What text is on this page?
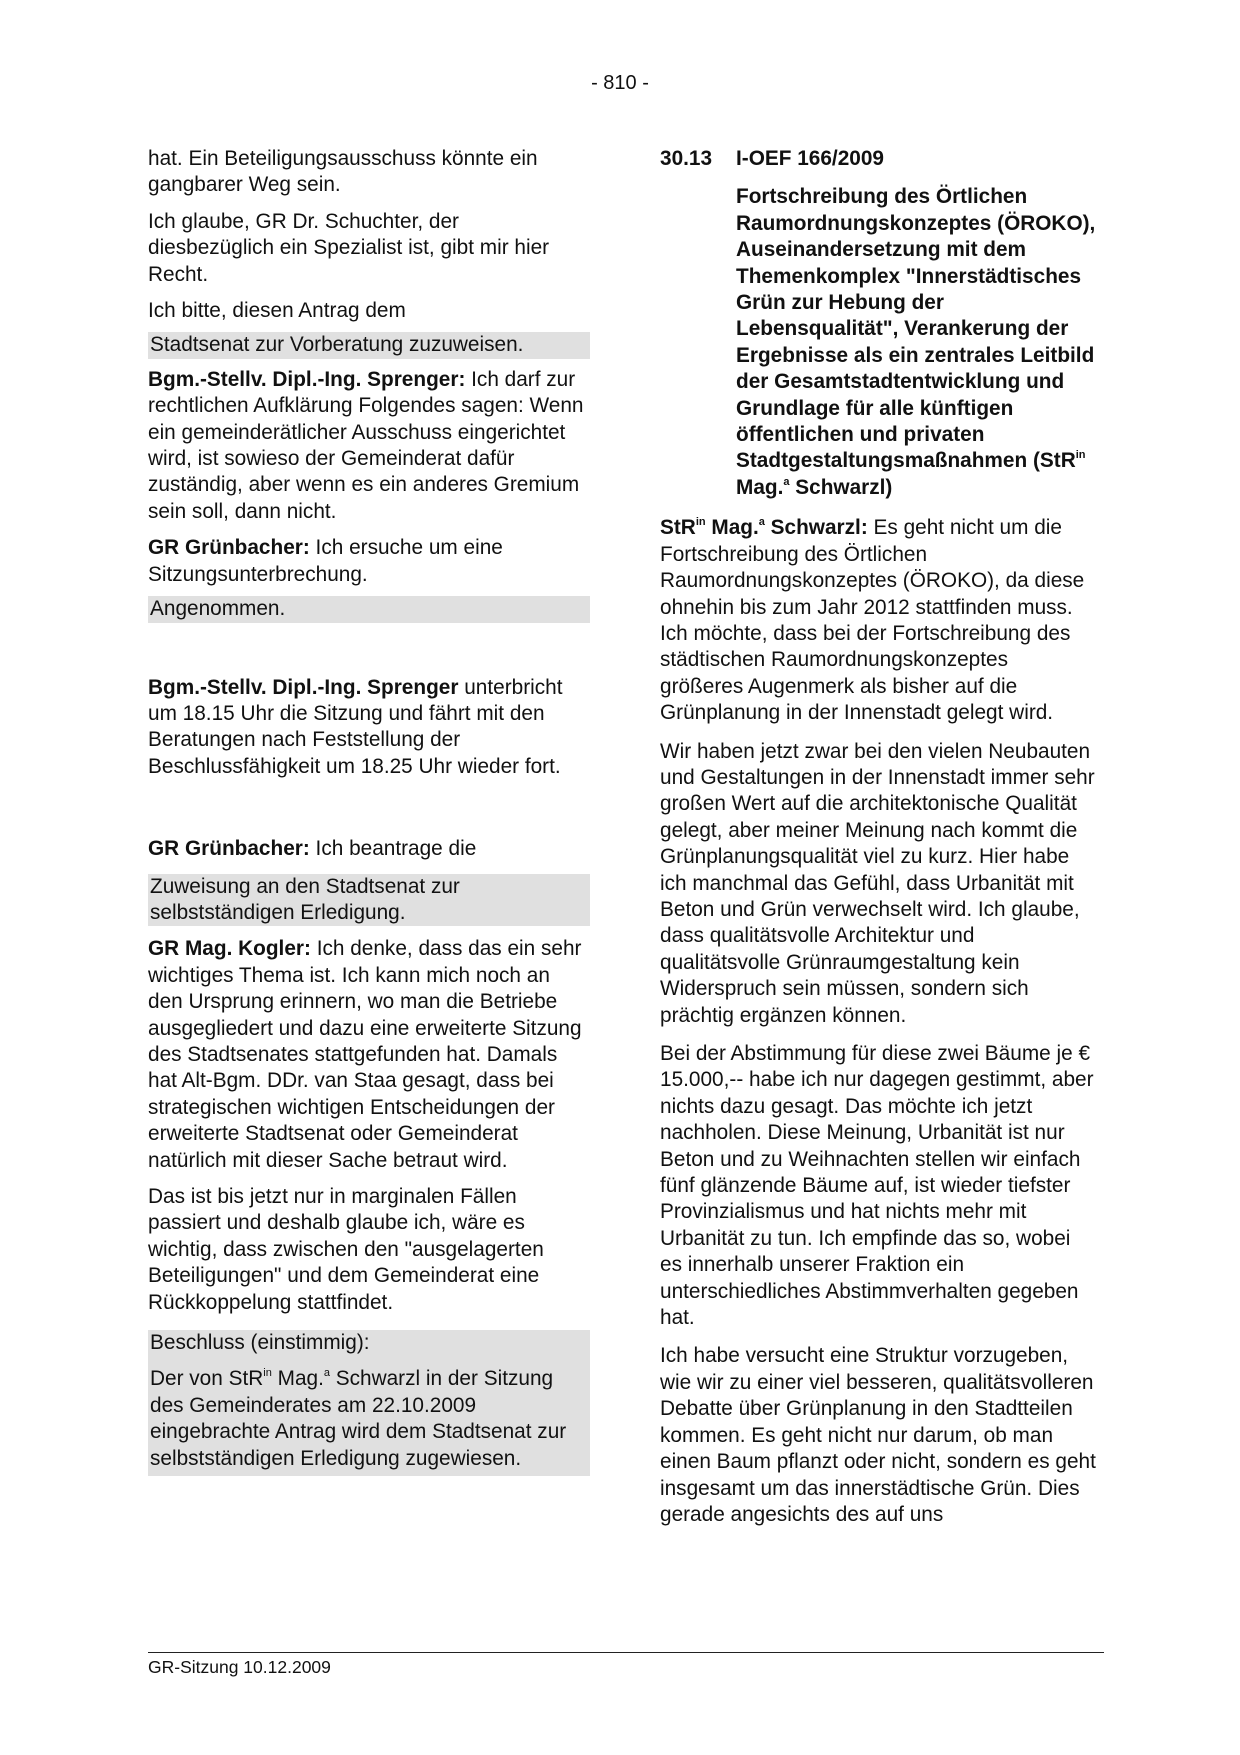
- 810 -

hat. Ein Beteiligungsausschuss könnte ein gangbarer Weg sein.

Ich glaube, GR Dr. Schuchter, der diesbezüglich ein Spezialist ist, gibt mir hier Recht.

Ich bitte, diesen Antrag dem

Stadtsenat zur Vorberatung zuzuweisen.

Bgm.-Stellv. Dipl.-Ing. Sprenger: Ich darf zur rechtlichen Aufklärung Folgendes sagen: Wenn ein gemeinderätlicher Ausschuss eingerichtet wird, ist sowieso der Gemeinderat dafür zuständig, aber wenn es ein anderes Gremium sein soll, dann nicht.

GR Grünbacher: Ich ersuche um eine Sitzungsunterbrechung.

Angenommen.

Bgm.-Stellv. Dipl.-Ing. Sprenger unterbricht um 18.15 Uhr die Sitzung und fährt mit den Beratungen nach Feststellung der Beschlussfähigkeit um 18.25 Uhr wieder fort.

GR Grünbacher: Ich beantrage die

Zuweisung an den Stadtsenat zur selbstständigen Erledigung.

GR Mag. Kogler: Ich denke, dass das ein sehr wichtiges Thema ist. Ich kann mich noch an den Ursprung erinnern, wo man die Betriebe ausgegliedert und dazu eine erweiterte Sitzung des Stadtsenates stattgefunden hat. Damals hat Alt-Bgm. DDr. van Staa gesagt, dass bei strategischen wichtigen Entscheidungen der erweiterte Stadtsenat oder Gemeinderat natürlich mit dieser Sache betraut wird.

Das ist bis jetzt nur in marginalen Fällen passiert und deshalb glaube ich, wäre es wichtig, dass zwischen den "ausgelagerten Beteiligungen" und dem Gemeinderat eine Rückkoppelung stattfindet.

Beschluss (einstimmig):
Der von StR$^{in}$ Mag.$^a$ Schwarzl in der Sitzung des Gemeinderates am 22.10.2009 eingebrachte Antrag wird dem Stadtsenat zur selbstständigen Erledigung zugewiesen.
30.13	I-OEF 166/2009
Fortschreibung des Örtlichen Raumordnungskonzeptes (ÖROKO), Auseinandersetzung mit dem Themenkomplex "Innerstädtisches Grün zur Hebung der Lebensqualität", Verankerung der Ergebnisse als ein zentrales Leitbild der Gesamtstadtentwicklung und Grundlage für alle künftigen öffentlichen und privaten Stadtgestaltungsmaßnahmen (StR$^{in}$ Mag.$^a$ Schwarzl)

StR$^{in}$ Mag.$^a$ Schwarzl: Es geht nicht um die Fortschreibung des Örtlichen Raumordnungskonzeptes (ÖROKO), da diese ohnehin bis zum Jahr 2012 stattfinden muss. Ich möchte, dass bei der Fortschreibung des städtischen Raumordnungskonzeptes größeres Augenmerk als bisher auf die Grünplanung in der Innenstadt gelegt wird.

Wir haben jetzt zwar bei den vielen Neubauten und Gestaltungen in der Innenstadt immer sehr großen Wert auf die architektonische Qualität gelegt, aber meiner Meinung nach kommt die Grünplanungsqualität viel zu kurz. Hier habe ich manchmal das Gefühl, dass Urbanität mit Beton und Grün verwechselt wird. Ich glaube, dass qualitätsvolle Architektur und qualitätsvolle Grünraumgestaltung kein Widerspruch sein müssen, sondern sich prächtig ergänzen können.

Bei der Abstimmung für diese zwei Bäume je € 15.000,-- habe ich nur dagegen gestimmt, aber nichts dazu gesagt. Das möchte ich jetzt nachholen. Diese Meinung, Urbanität ist nur Beton und zu Weihnachten stellen wir einfach fünf glänzende Bäume auf, ist wieder tiefster Provinzialismus und hat nichts mehr mit Urbanität zu tun. Ich empfinde das so, wobei es innerhalb unserer Fraktion ein unterschiedliches Abstimmverhalten gegeben hat.

Ich habe versucht eine Struktur vorzugeben, wie wir zu einer viel besseren, qualitätsvolleren Debatte über Grünplanung in den Stadtteilen kommen. Es geht nicht nur darum, ob man einen Baum pflanzt oder nicht, sondern es geht insgesamt um das innerstädtische Grün. Dies gerade angesichts des auf uns

GR-Sitzung 10.12.2009
